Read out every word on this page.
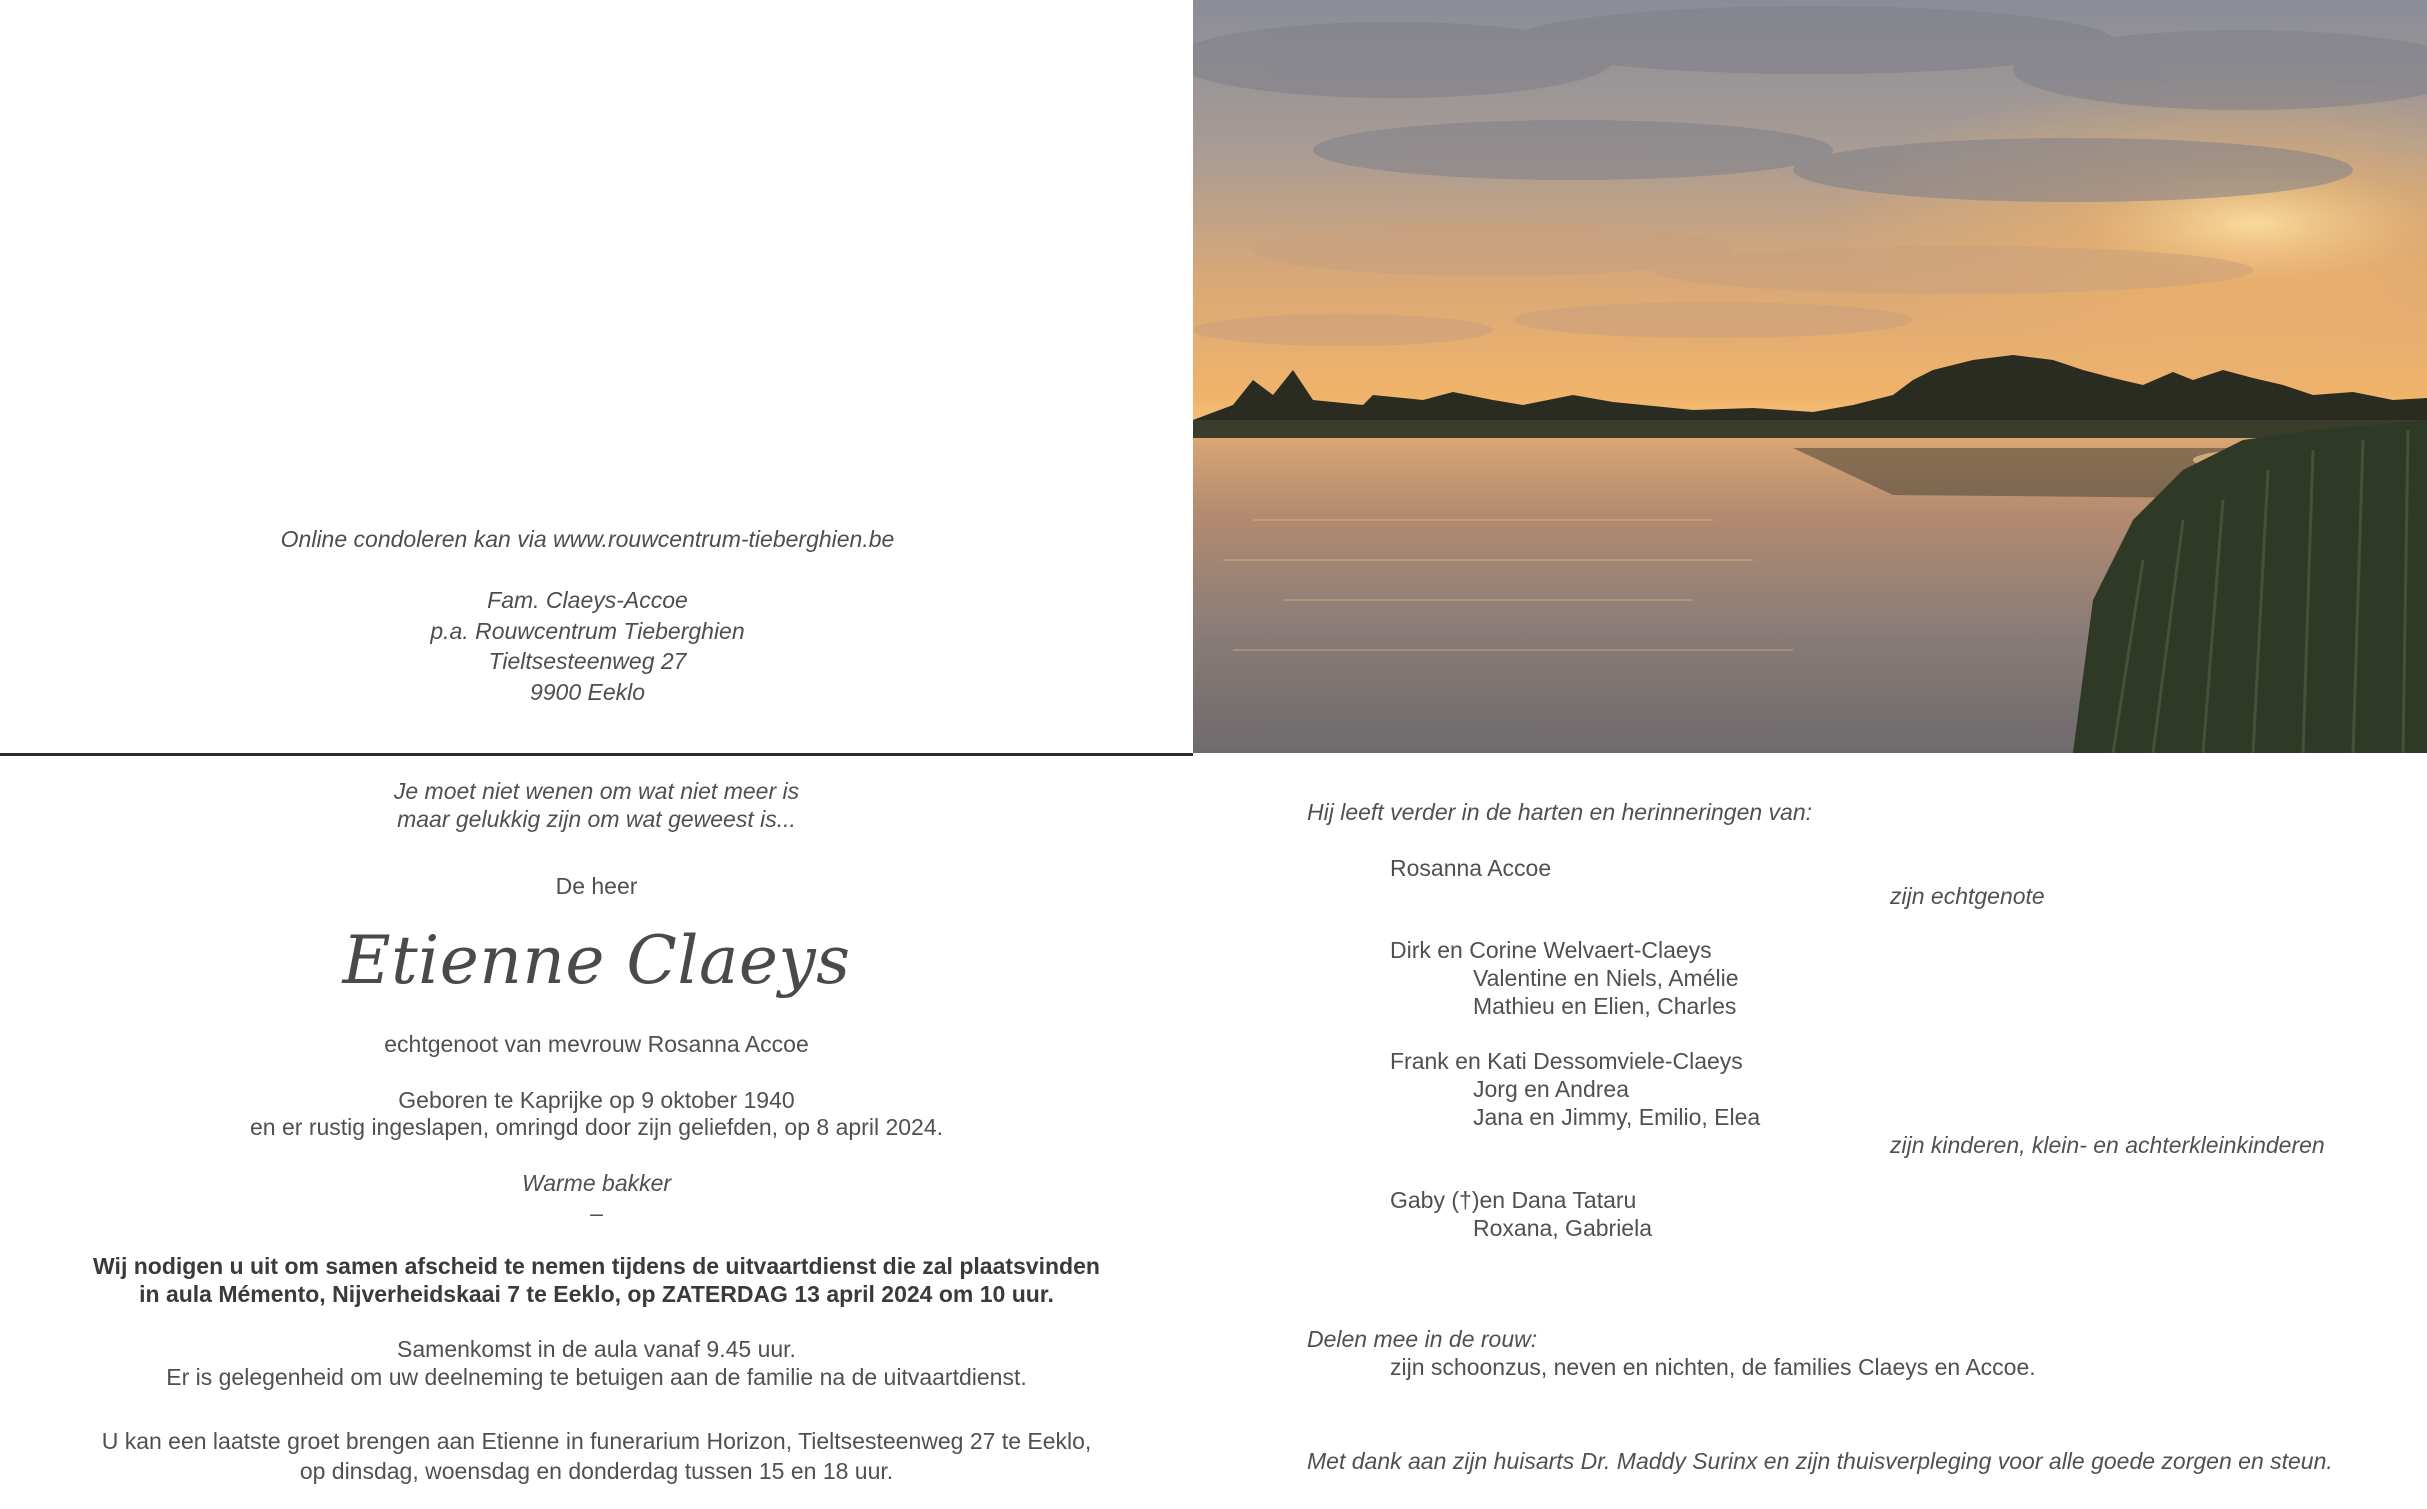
Online condoleren kan via www.rouwcentrum-tieberghien.be
Fam. Claeys-Accoe
p.a. Rouwcentrum Tieberghien
Tieltsesteenweg 27
9900 Eeklo
Je moet niet wenen om wat niet meer is
maar gelukkig zijn om wat geweest is...
De heer
Etienne Claeys
echtgenoot van mevrouw Rosanna Accoe
Geboren te Kaprijke op 9 oktober 1940
en er rustig ingeslapen, omringd door zijn geliefden, op 8 april 2024.
Warme bakker
–
Wij nodigen u uit om samen afscheid te nemen tijdens de uitvaartdienst die zal plaatsvinden
in aula Mémento, Nijverheidskaai 7 te Eeklo, op ZATERDAG 13 april 2024 om 10 uur.
Samenkomst in de aula vanaf 9.45 uur.
Er is gelegenheid om uw deelneming te betuigen aan de familie na de uitvaartdienst.
U kan een laatste groet brengen aan Etienne in funerarium Horizon, Tieltsesteenweg 27 te Eeklo,
op dinsdag, woensdag en donderdag tussen 15 en 18 uur.
Hij leeft verder in de harten en herinneringen van:
Rosanna Accoe
zijn echtgenote
Dirk en Corine Welvaert-Claeys
Valentine en Niels, Amélie
Mathieu en Elien, Charles
Frank en Kati Dessomviele-Claeys
Jorg en Andrea
Jana en Jimmy, Emilio, Elea
zijn kinderen, klein- en achterkleinkinderen
Gaby (†)en Dana Tataru
Roxana, Gabriela
Delen mee in de rouw:
zijn schoonzus, neven en nichten, de families Claeys en Accoe.
Met dank aan zijn huisarts Dr. Maddy Surinx en zijn thuisverpleging voor alle goede zorgen en steun.
